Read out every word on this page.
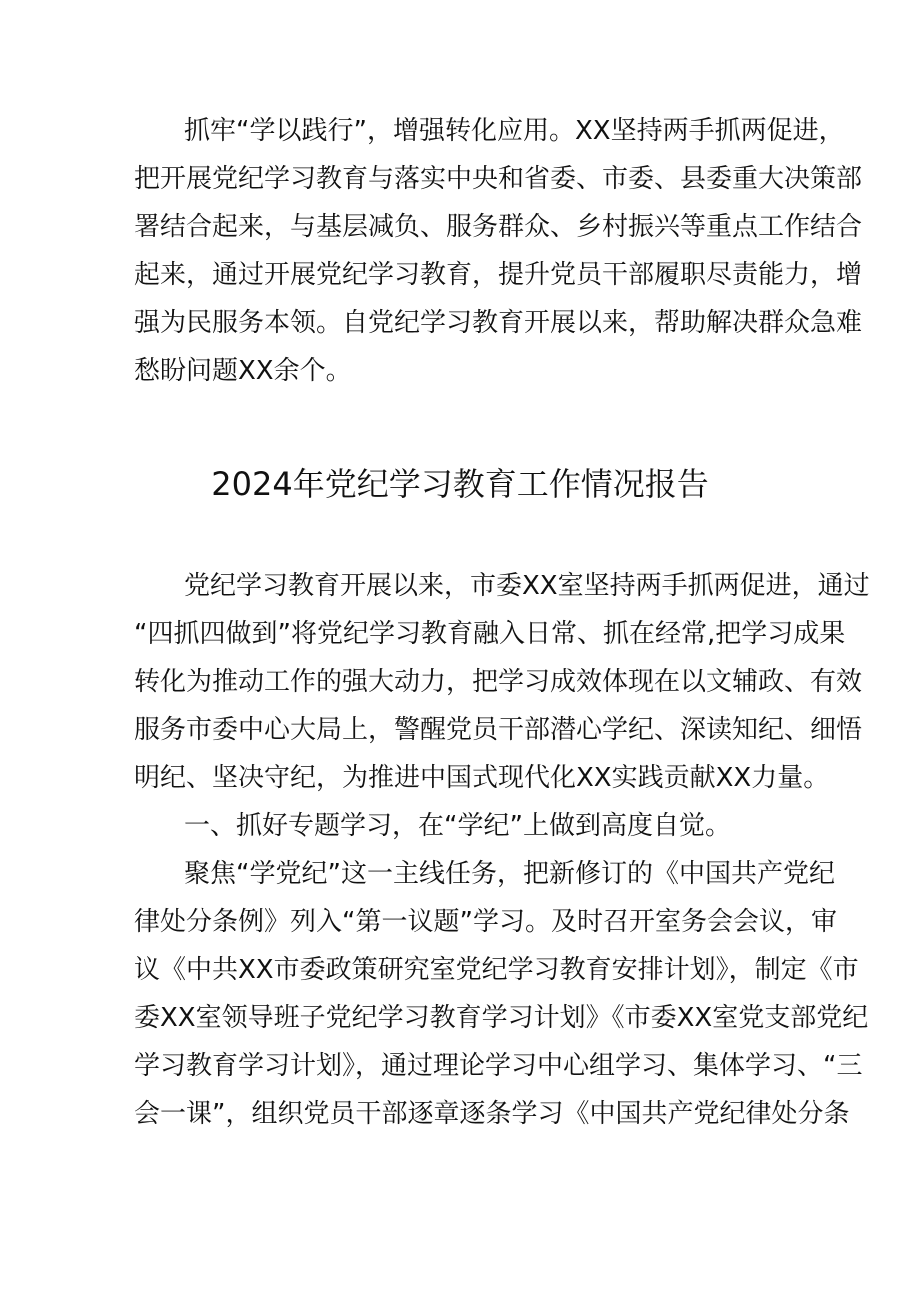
抓牢“学以践行”，增强转化应用。XX坚持两手抓两促进，
把开展党纪学习教育与落实中央和省委、市委、县委重大决策部
署结合起来，与基层减负、服务群众、乡村振兴等重点工作结合
起来，通过开展党纪学习教育，提升党员干部履职尽责能力，增
强为民服务本领。自党纪学习教育开展以来，帮助解决群众急难
愁盼问题XX余个。
2024年党纪学习教育工作情况报告
党纪学习教育开展以来，市委XX室坚持两手抓两促进，通过
“四抓四做到”将党纪学习教育融入日常、抓在经常,把学习成果
转化为推动工作的强大动力，把学习成效体现在以文辅政、有效
服务市委中心大局上，警醒党员干部潜心学纪、深读知纪、细悟
明纪、坚决守纪，为推进中国式现代化XX实践贡献XX力量。
一、抓好专题学习，在“学纪”上做到高度自觉。
聚焦“学党纪”这一主线任务，把新修订的《中国共产党纪
律处分条例》列入“第一议题”学习。及时召开室务会会议，审
议《中共XX市委政策研究室党纪学习教育安排计划》，制定《市
委XX室领导班子党纪学习教育学习计划》《市委XX室党支部党纪
学习教育学习计划》，通过理论学习中心组学习、集体学习、“三
会一课”，组织党员干部逐章逐条学习《中国共产党纪律处分条
